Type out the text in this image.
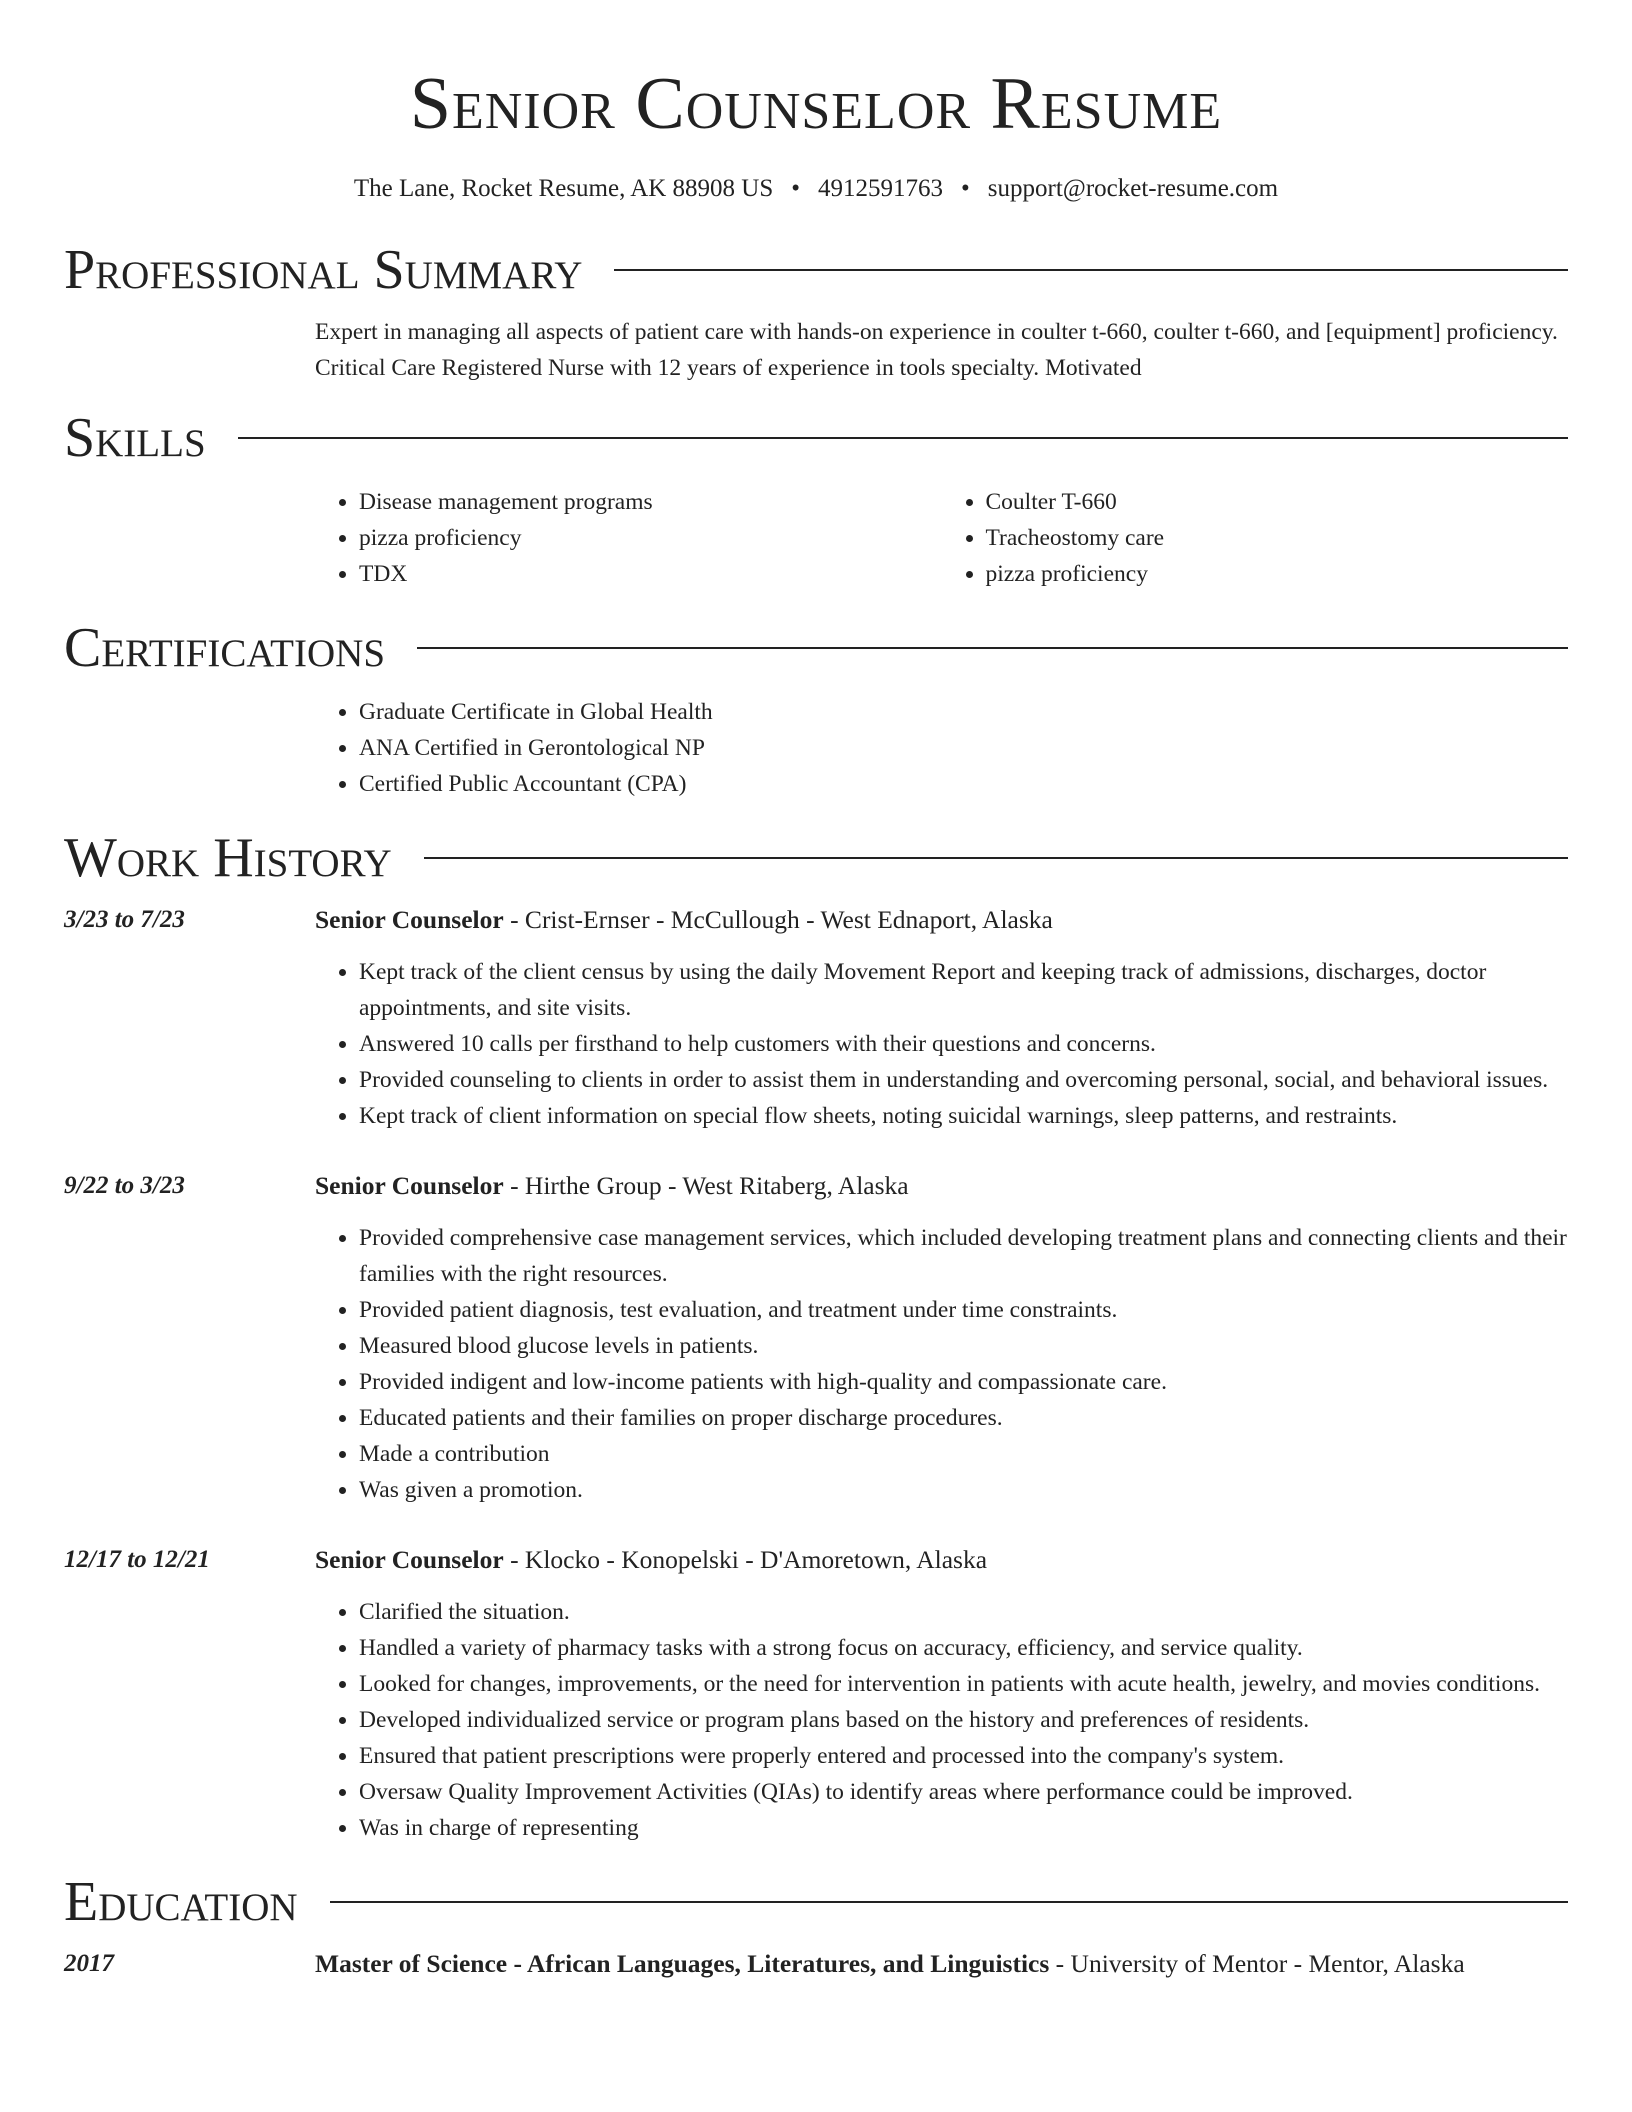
Senior Counselor Resume
The Lane, Rocket Resume, AK 88908 US • 4912591763 • support@rocket-resume.com
Professional Summary

Expert in managing all aspects of patient care with hands-on experience in coulter t-660, coulter t-660, and [equipment] proficiency. Critical Care Registered Nurse with 12 years of experience in tools specialty. Motivated

Skills
• Disease management programs
• pizza proficiency
• TDX
• Coulter T-660
• Tracheostomy care
• pizza proficiency
Certifications
• Graduate Certificate in Global Health
• ANA Certified in Gerontological NP
• Certified Public Accountant (CPA)
Work History
3/23 to 7/23	Senior Counselor - Crist-Ernser - McCullough - West Ednaport, Alaska
• Kept track of the client census by using the daily Movement Report and keeping track of admissions, discharges, doctor appointments, and site visits.
• Answered 10 calls per firsthand to help customers with their questions and concerns.
• Provided counseling to clients in order to assist them in understanding and overcoming personal, social, and behavioral issues.
• Kept track of client information on special flow sheets, noting suicidal warnings, sleep patterns, and restraints.
9/22 to 3/23	Senior Counselor - Hirthe Group - West Ritaberg, Alaska
• Provided comprehensive case management services, which included developing treatment plans and connecting clients and their families with the right resources.
• Provided patient diagnosis, test evaluation, and treatment under time constraints.
• Measured blood glucose levels in patients.
• Provided indigent and low-income patients with high-quality and compassionate care.
• Educated patients and their families on proper discharge procedures.
• Made a contribution
• Was given a promotion.
12/17 to 12/21	Senior Counselor - Klocko - Konopelski - D'Amoretown, Alaska
• Clarified the situation.
• Handled a variety of pharmacy tasks with a strong focus on accuracy, efficiency, and service quality.
• Looked for changes, improvements, or the need for intervention in patients with acute health, jewelry, and movies conditions.
• Developed individualized service or program plans based on the history and preferences of residents.
• Ensured that patient prescriptions were properly entered and processed into the company's system.
• Oversaw Quality Improvement Activities (QIAs) to identify areas where performance could be improved.
• Was in charge of representing
Education
2017	Master of Science - African Languages, Literatures, and Linguistics - University of Mentor - Mentor, Alaska
